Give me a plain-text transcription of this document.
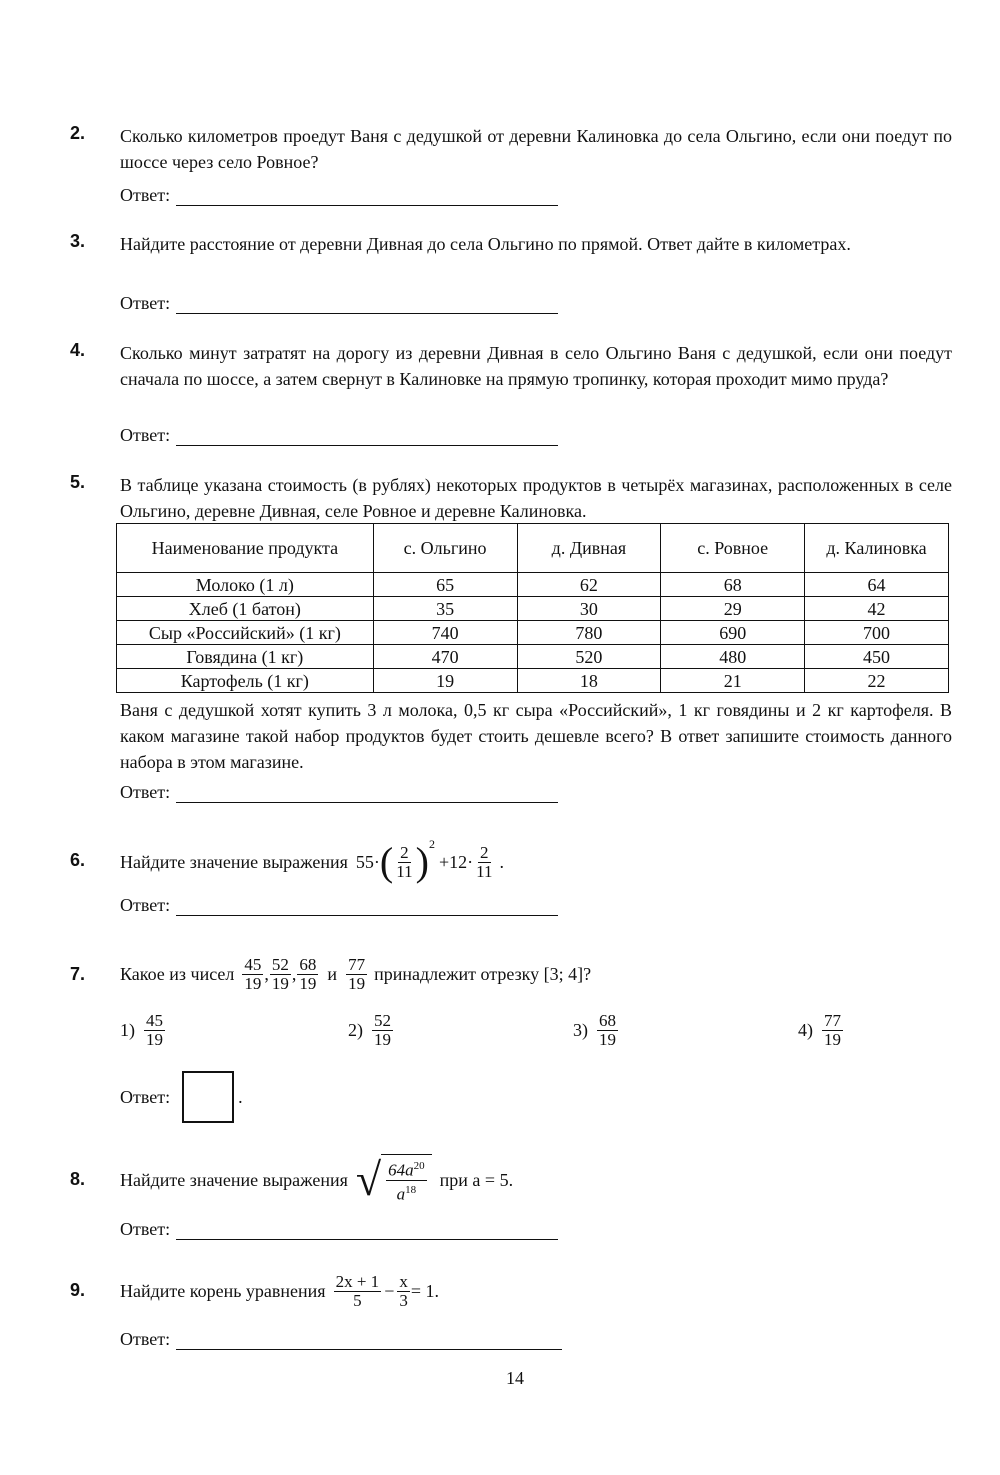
2. Сколько километров проедут Ваня с дедушкой от деревни Калиновка до села Ольгино, если они поедут по шоссе через село Ровное?
Ответ:
3. Найдите расстояние от деревни Дивная до села Ольгино по прямой. Ответ дайте в километрах.
Ответ:
4. Сколько минут затратят на дорогу из деревни Дивная в село Ольгино Ваня с дедушкой, если они поедут сначала по шоссе, а затем свернут в Калиновке на прямую тропинку, которая проходит мимо пруда?
Ответ:
5. В таблице указана стоимость (в рублях) некоторых продуктов в четырёх магазинах, расположенных в селе Ольгино, деревне Дивная, селе Ровное и деревне Калиновка.
Наименование продукта	с. Ольгино	д. Дивная	с. Ровное	д. Калиновка
Молоко (1 л)	65	62	68	64
Хлеб (1 батон)	35	30	29	42
Сыр «Российский» (1 кг)	740	780	690	700
Говядина (1 кг)	470	520	480	450
Картофель (1 кг)	19	18	21	22
Ваня с дедушкой хотят купить 3 л молока, 0,5 кг сыра «Российский», 1 кг говядины и 2 кг картофеля. В каком магазине такой набор продуктов будет стоить дешевле всего? В ответ запишите стоимость данного набора в этом магазине.
Ответ:
6. Найдите значение выражения 55 · ( $\frac{2}{11}$ ) 2
$+12 \cdot \frac{2}{11}$ .
Ответ:
7. Какое из чисел $\frac{45}{19}$ , $\frac{52}{19}$ , $\frac{68}{19}$ и $\frac{77}{19}$ принадлежит отрезку [3; 4]?
$1) \frac{45}{19}$	$2) \frac{52}{19}$	$3) \frac{68}{19}$	$4) \frac{77}{19}$
Ответ:	.
8. Найдите значение выражения √ $\frac{64a^{20}}{a^{18}}$ при a = 5.
Ответ:
9. Найдите корень уравнения $\frac{2x + 1}{5} - \frac{x}{3} = 1$.
Ответ:
14
